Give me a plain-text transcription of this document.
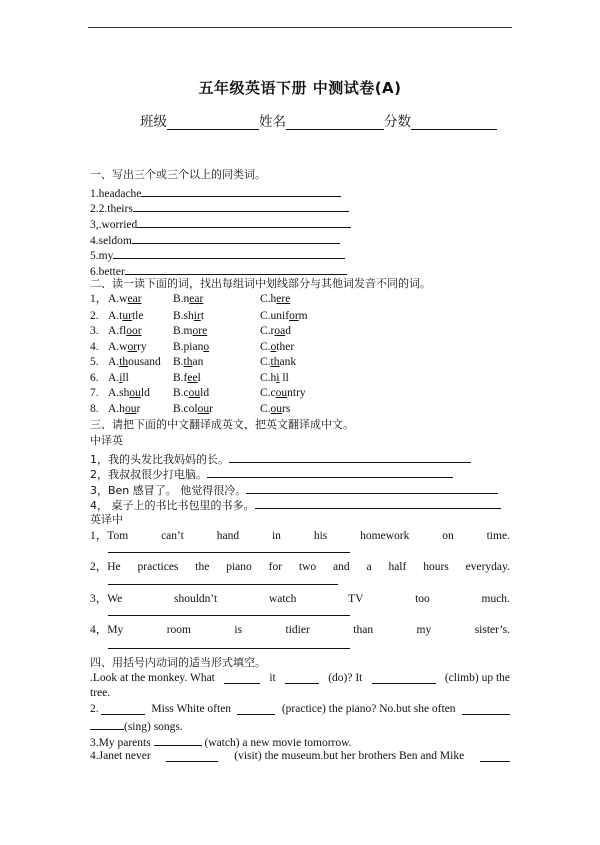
五年级英语下册 中测试卷(A)
班级	姓名	分数
一、写出三个或三个以上的同类词。
1.headache
2.2.theirs
3,.worried
4.seldom
5.my
6.better
二、读一读下面的词，找出每组词中划线部分与其他词发音不同的词。
1， A.wear	B.near	C.here
2. A.turtle	B.shirt	C.uniform
3. A.floor	B.more	C.road
4. A.worry B.piano	C.other
5. A.thousand B.than	C.thank
6. A.ill	B.feel	C.hi ll
7. A.should B.could	C.country
8. A.hour	B.colour	C.ours
三、请把下面的中文翻译成英文，把英文翻译成中文。
中译英
1，我的头发比我妈妈的长。
2，我叔叔很少打电脑。
3，Ben 感冒了。 他觉得很冷。
4， 桌子上的书比书包里的书多。
英译中
1，Tom	can’t	hand	in	his	homework	on	time.
2，He practices the piano for two and a half hours everyday.
3，We	shouldn’t	watch	TV	too	much.
4，My	room	is	tidier	than	my	sister’s.
四、用括号内动词的适当形式填空。
.Look at the monkey. What	it	(do)? It	(climb) up the
tree.
2.	Miss White often	(practice) the piano? No.but she often
(sing) songs.
3.My parents	(watch) a new movie tomorrow.
4.Janet never	(visit) the museum.but her brothers Ben and Mike
